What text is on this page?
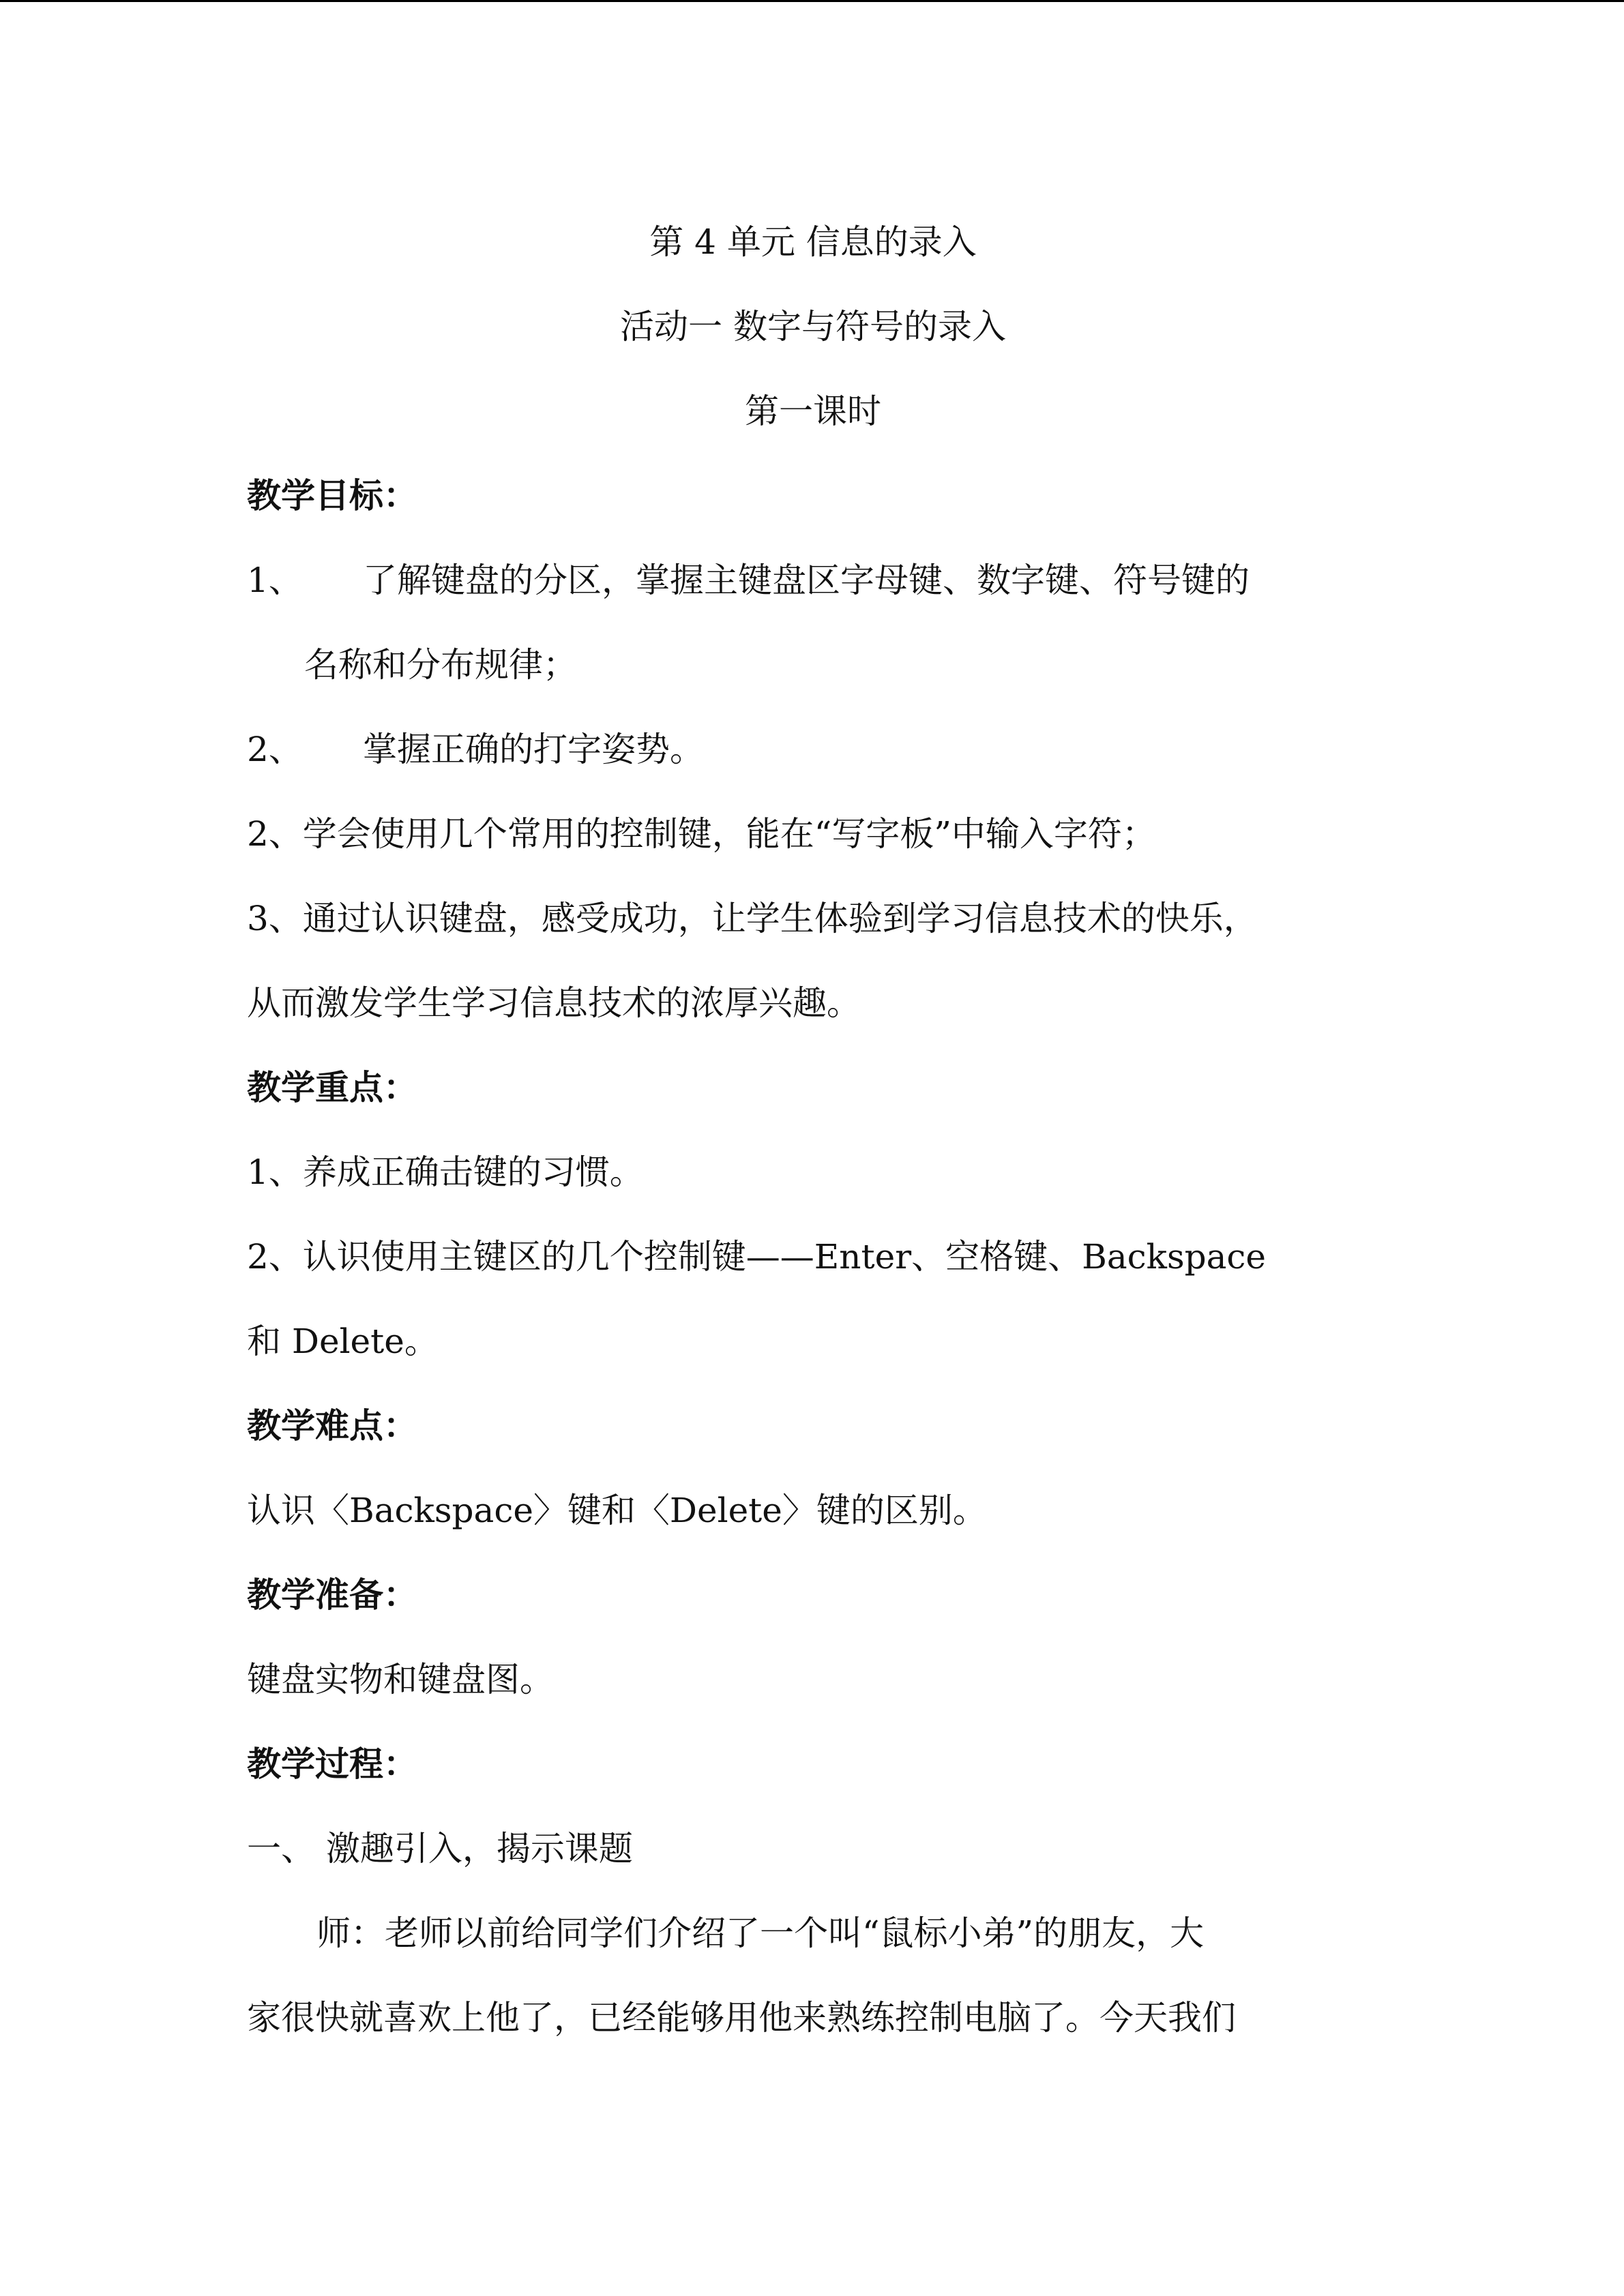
第 4 单元 信息的录入
活动一 数字与符号的录入
第一课时
教学目标：
1、 了解键盘的分区，掌握主键盘区字母键、数字键、符号键的
名称和分布规律；
2、 掌握正确的打字姿势。
2、学会使用几个常用的控制键，能在“写字板”中输入字符；
3、通过认识键盘，感受成功，让学生体验到学习信息技术的快乐，
从而激发学生学习信息技术的浓厚兴趣。
教学重点：
1、养成正确击键的习惯。
2、认识使用主键区的几个控制键——Enter、空格键、Backspace
和 Delete。
教学难点：
认识〈Backspace〉键和〈Delete〉键的区别。
教学准备：
键盘实物和键盘图。
教学过程：
一、 激趣引入，揭示课题
师：老师以前给同学们介绍了一个叫“鼠标小弟”的朋友，大
家很快就喜欢上他了，已经能够用他来熟练控制电脑了。今天我们
